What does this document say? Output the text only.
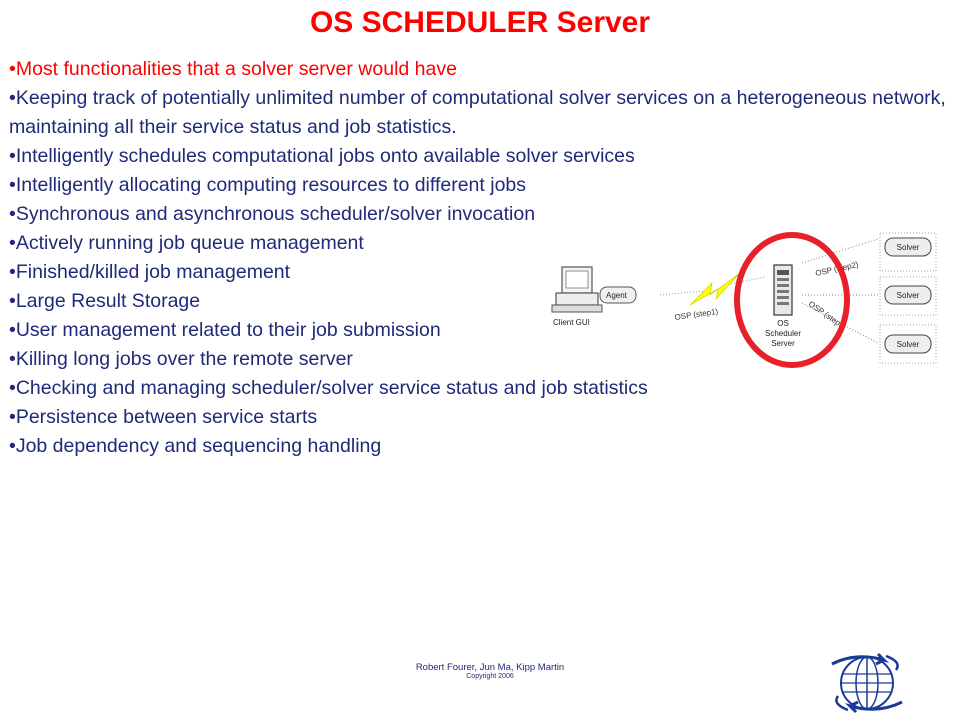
OS SCHEDULER Server
• Most functionalities that a solver server would have
• Keeping track of potentially unlimited number of computational solver services on a heterogeneous network, maintaining all their service status and job statistics.
• Intelligently schedules computational jobs onto available solver services
• Intelligently allocating computing resources to different jobs
• Synchronous and asynchronous scheduler/solver invocation
• Actively running job queue management
• Finished/killed job management
• Large Result Storage
• User management related to their job submission
• Killing long jobs over the remote server
• Checking and managing scheduler/solver service status and job statistics
• Persistence between service starts
• Job dependency and sequencing handling
Client GUI
Agent
OSP (step1)
OS
Scheduler
Server
OSP (step2)
OSP (step3)
Solver
Solver
Solver
Robert Fourer, Jun Ma, Kipp Martin
Copyright 2006
